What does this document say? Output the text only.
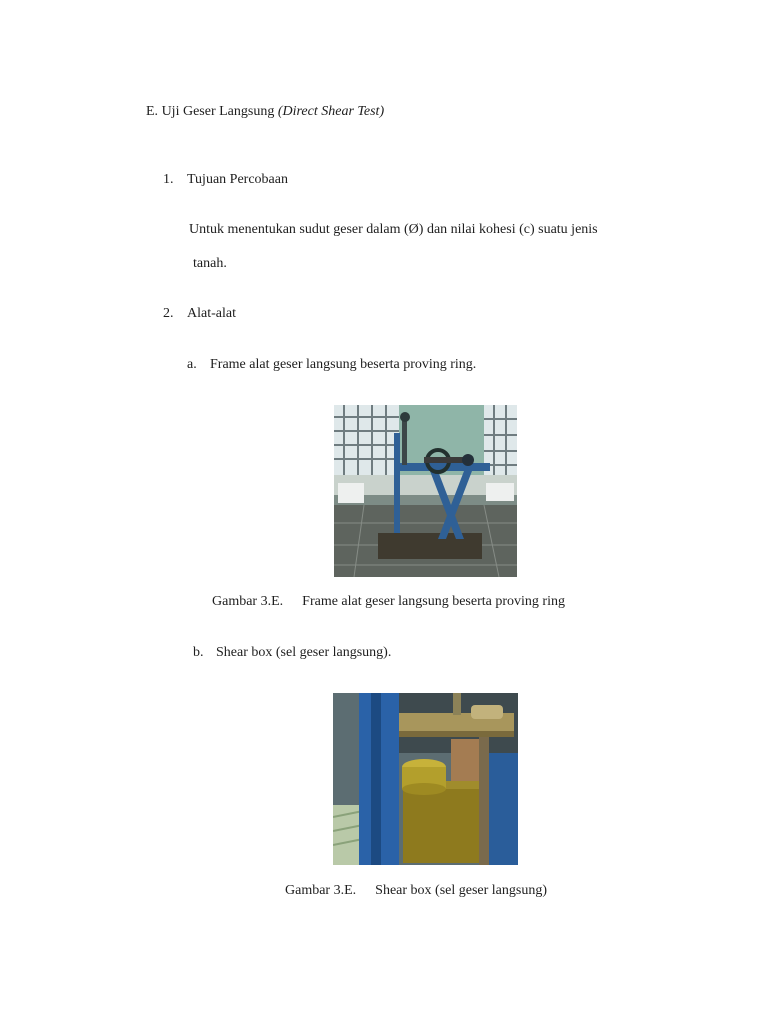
E. Uji Geser Langsung (Direct Shear Test)
1. Tujuan Percobaan
Untuk menentukan sudut geser dalam (Ø) dan nilai kohesi (c) suatu jenis
tanah.
2. Alat-alat
a. Frame alat geser langsung beserta proving ring.
Gambar 3.E. Frame alat geser langsung beserta proving ring
b. Shear box (sel geser langsung).
Gambar 3.E. Shear box (sel geser langsung)
